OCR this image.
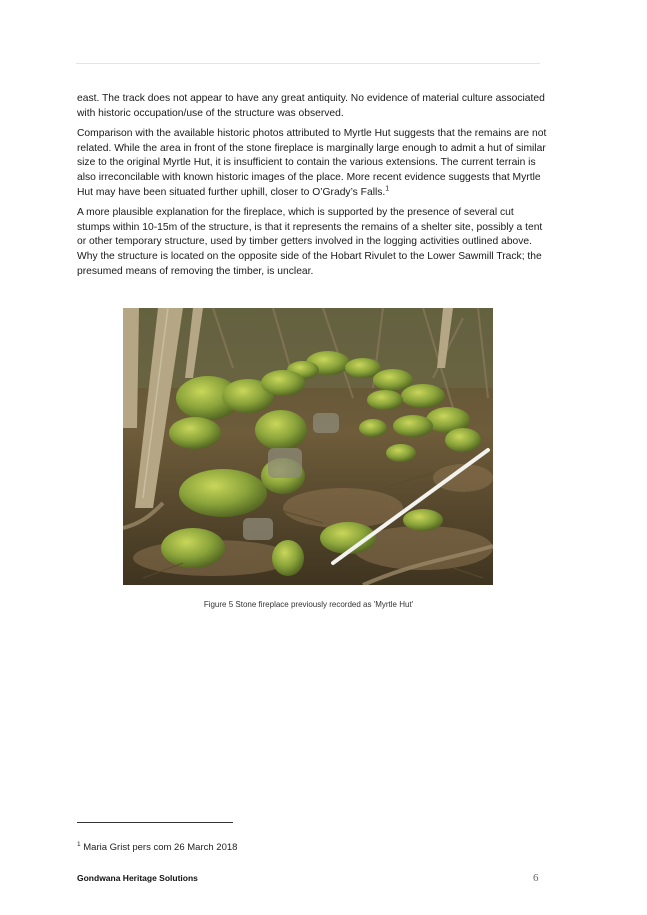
east. The track does not appear to have any great antiquity. No evidence of material culture associated with historic occupation/use of the structure was observed.

Comparison with the available historic photos attributed to Myrtle Hut suggests that the remains are not related. While the area in front of the stone fireplace is marginally large enough to admit a hut of similar size to the original Myrtle Hut, it is insufficient to contain the various extensions. The current terrain is also irreconcilable with known historic images of the place. More recent evidence suggests that Myrtle Hut may have been situated further uphill, closer to O’Grady’s Falls.$^1$

A more plausible explanation for the fireplace, which is supported by the presence of several cut stumps within 10-15m of the structure, is that it represents the remains of a shelter site, possibly a tent or other temporary structure, used by timber getters involved in the logging activities outlined above. Why the structure is located on the opposite side of the Hobart Rivulet to the Lower Sawmill Track; the presumed means of removing the timber, is unclear.

Figure 5 Stone fireplace previously recorded as 'Myrtle Hut'
$^1$ Maria Grist pers com 26 March 2018
Gondwana Heritage Solutions	6
